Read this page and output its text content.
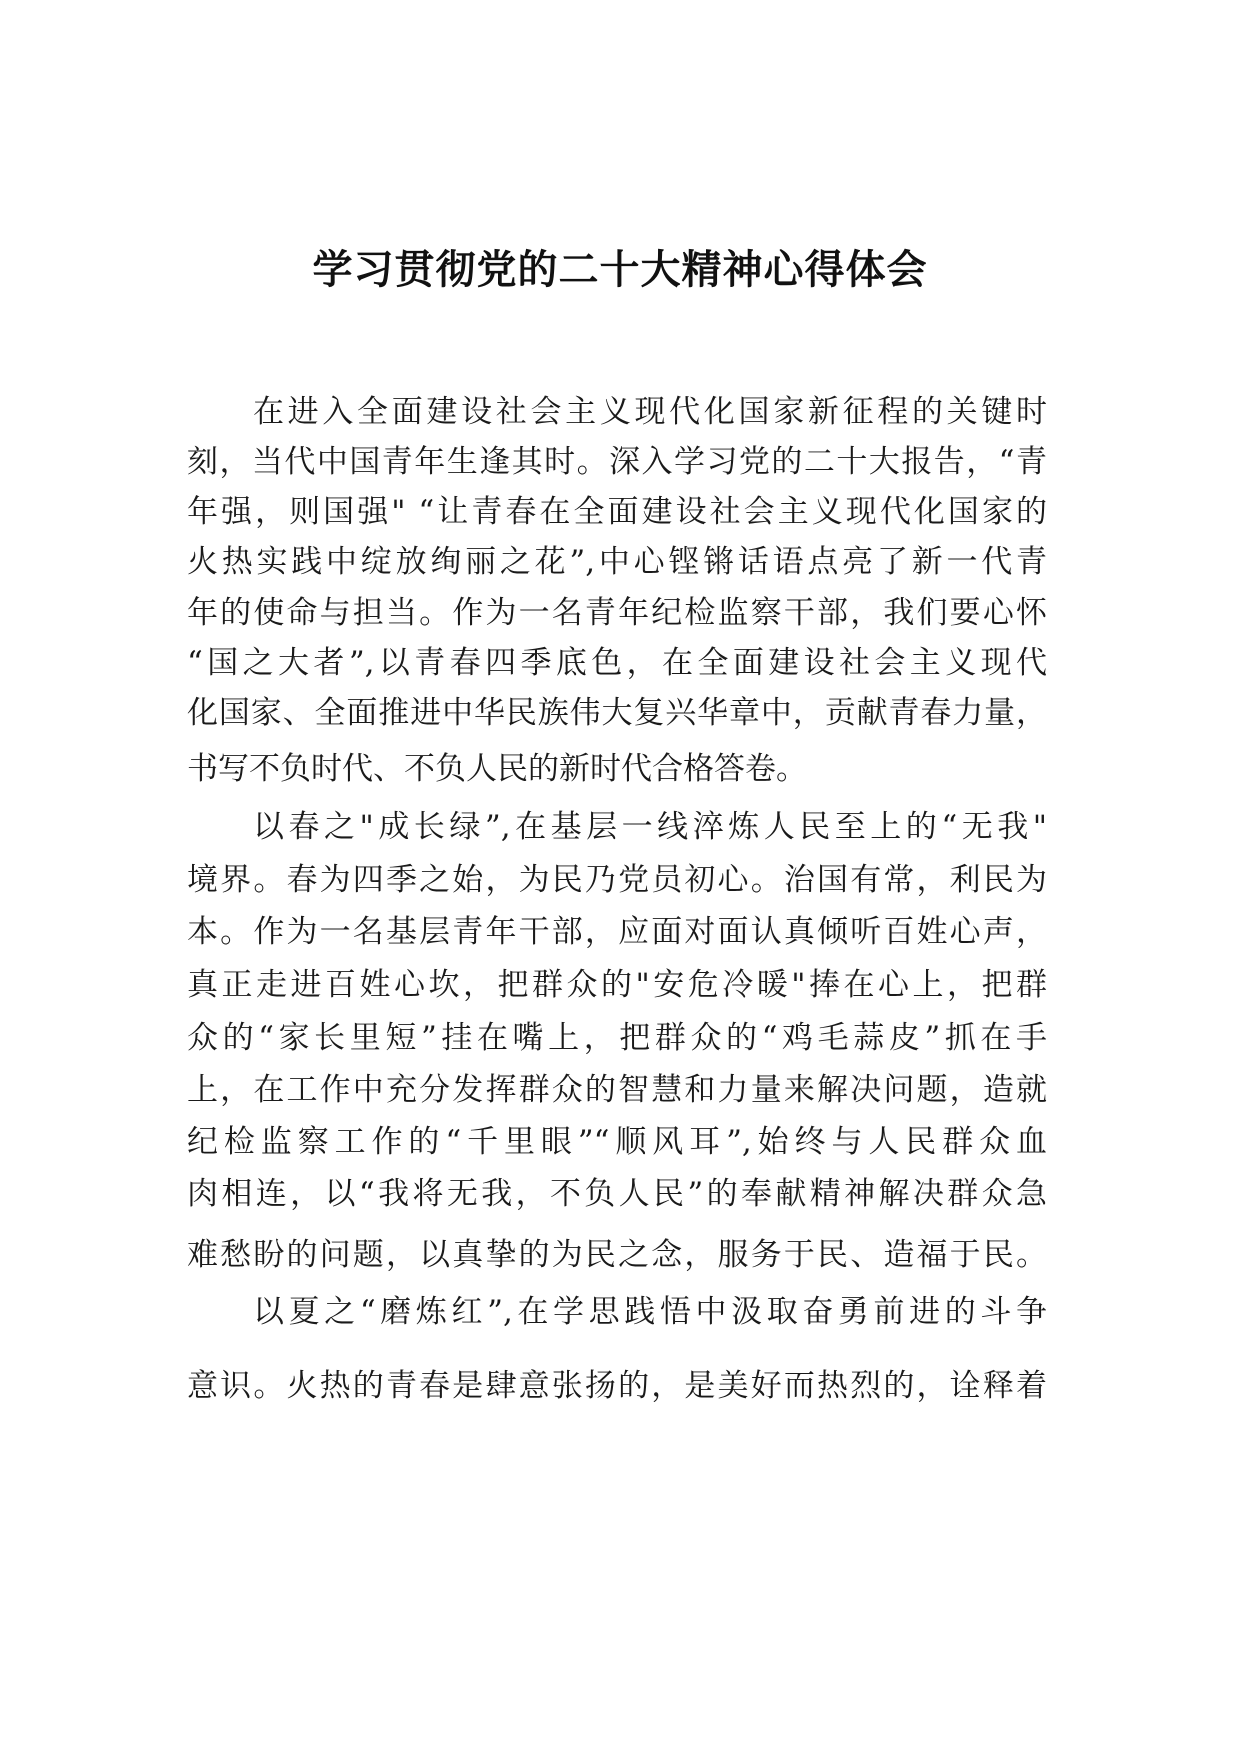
学习贯彻党的二十大精神心得体会

在进入全面建设社会主义现代化国家新征程的关键时

刻，当代中国青年生逢其时。深入学习党的二十大报告，“青

年强，则国强" “让青春在全面建设社会主义现代化国家的

火热实践中绽放绚丽之花”,中心铿锵话语点亮了新一代青

年的使命与担当。作为一名青年纪检监察干部，我们要心怀

“国之大者”,以青春四季底色，在全面建设社会主义现代

化国家、全面推进中华民族伟大复兴华章中，贡献青春力量，

书写不负时代、不负人民的新时代合格答卷。

以春之"成长绿”,在基层一线淬炼人民至上的“无我"

境界。春为四季之始，为民乃党员初心。治国有常，利民为

本。作为一名基层青年干部，应面对面认真倾听百姓心声，

真正走进百姓心坎，把群众的"安危冷暖"捧在心上，把群

众的“家长里短”挂在嘴上，把群众的“鸡毛蒜皮”抓在手

上，在工作中充分发挥群众的智慧和力量来解决问题，造就

纪检监察工作的“千里眼”“顺风耳”,始终与人民群众血

肉相连，以“我将无我，不负人民”的奉献精神解决群众急

难愁盼的问题，以真挚的为民之念，服务于民、造福于民。

以夏之“磨炼红”,在学思践悟中汲取奋勇前进的斗争

意识。火热的青春是肆意张扬的，是美好而热烈的，诠释着
